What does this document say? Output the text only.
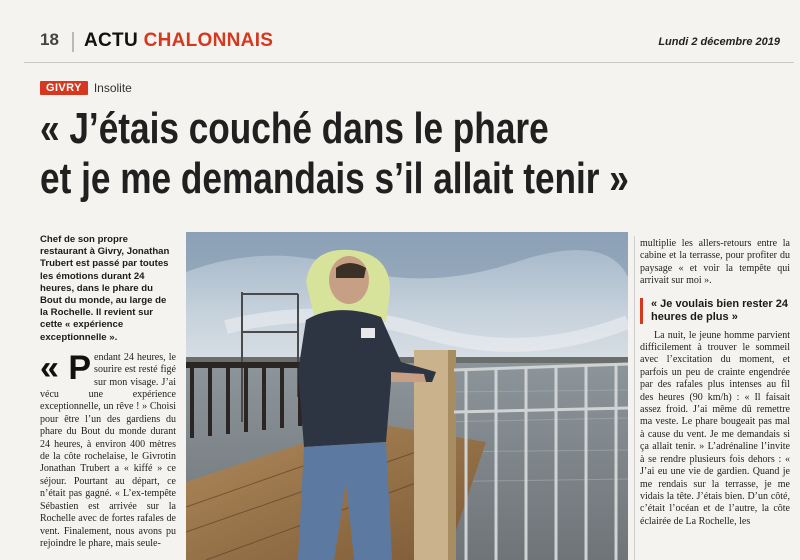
18 ACTU CHALONNAIS	Lundi 2 décembre 2019
GIVRY	Insolite
« J’étais couché dans le phare
et je me demandais s’il allait tenir »

Chef de son propre restaurant à Givry, Jonathan Trubert est passé par toutes les émotions durant 24 heures, dans le phare du Bout du monde, au large de la Rochelle. Il revient sur cette « expérience exceptionnelle ».

« P endant 24 heures, le sourire est resté figé sur mon visage. J’ai vécu une expérience exceptionnelle, un rêve ! » Choisi pour être l’un des gardiens du phare du Bout du monde durant 24 heures, à environ 400 mètres de la côte rochelaise, le Givrotin Jonathan Trubert a « kiffé » ce séjour. Pourtant au départ, ce n’était pas gagné. « L’ex-tempête Sébastien est arrivée sur la Rochelle avec de fortes rafales de vent. Finalement, nous avons pu rejoindre le phare, mais seule-

multiplie les allers-retours entre la cabine et la terrasse, pour profiter du paysage « et voir la tempête qui arrivait sur moi ».

« Je voulais bien rester 24 heures de plus »

La nuit, le jeune homme parvient difficilement à trouver le sommeil avec l’excitation du moment, et parfois un peu de crainte engendrée par des rafales plus intenses au fil des heures (90 km/h) : « Il faisait assez froid. J’ai même dû remettre ma veste. Le phare bougeait pas mal à cause du vent. Je me demandais si ça allait tenir. » L’adrénaline l’invite à se rendre plusieurs fois dehors : « J’ai eu une vie de gardien. Quand je me rendais sur la terrasse, je me vidais la tête. J’étais bien. D’un côté, c’était l’océan et de l’autre, la côte éclairée de La Rochelle, les
